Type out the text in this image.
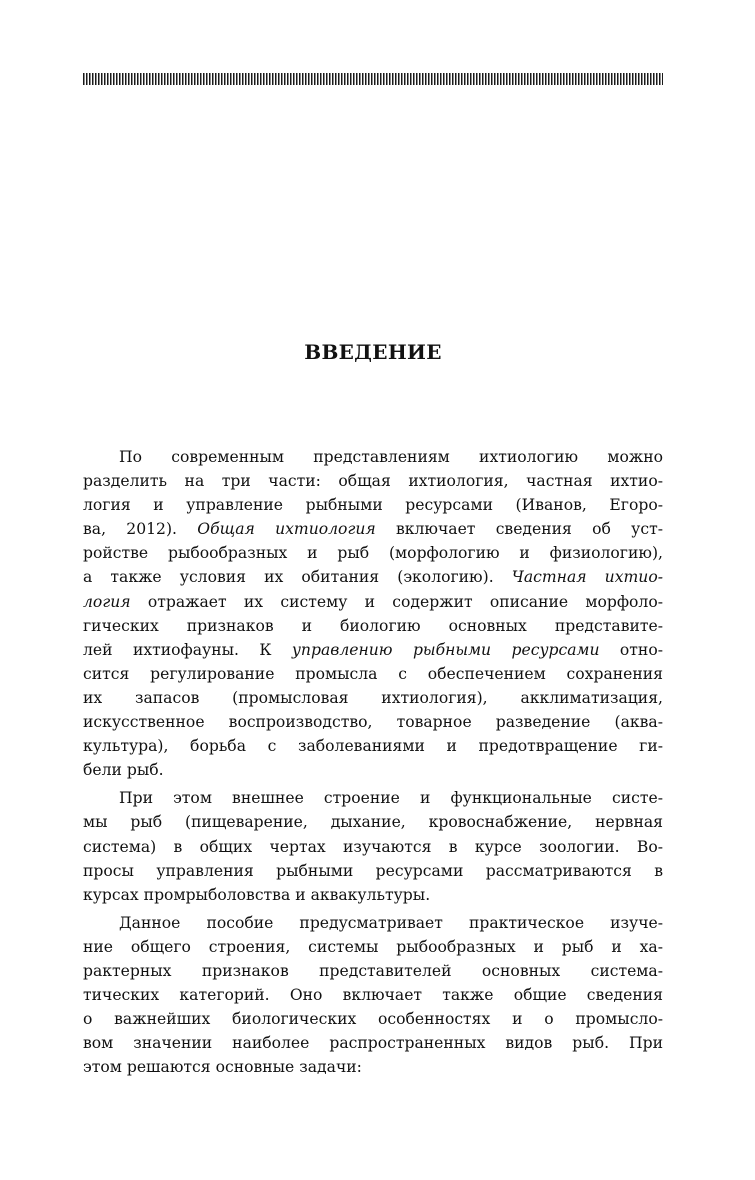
ВВЕДЕНИЕ

По современным представлениям ихтиологию можно
разделить на три части: общая ихтиология, частная ихтио-
логия и управление рыбными ресурсами (Иванов, Егоро-
ва, 2012). Общая ихтиология включает сведения об уст-
ройстве рыбообразных и рыб (морфологию и физиологию),
а также условия их обитания (экологию). Частная ихтио-
логия отражает их систему и содержит описание морфоло-
гических признаков и биологию основных представите-
лей ихтиофауны. К управлению рыбными ресурсами отно-
сится регулирование промысла с обеспечением сохранения
их запасов (промысловая ихтиология), акклиматизация,
искусственное воспроизводство, товарное разведение (аква-
культура), борьба с заболеваниями и предотвращение ги-
бели рыб.

При этом внешнее строение и функциональные систе-
мы рыб (пищеварение, дыхание, кровоснабжение, нервная
система) в общих чертах изучаются в курсе зоологии. Во-
просы управления рыбными ресурсами рассматриваются в
курсах промрыболовства и аквакультуры.

Данное пособие предусматривает практическое изуче-
ние общего строения, системы рыбообразных и рыб и ха-
рактерных признаков представителей основных система-
тических категорий. Оно включает также общие сведения
о важнейших биологических особенностях и о промысло-
вом значении наиболее распространенных видов рыб. При
этом решаются основные задачи:
